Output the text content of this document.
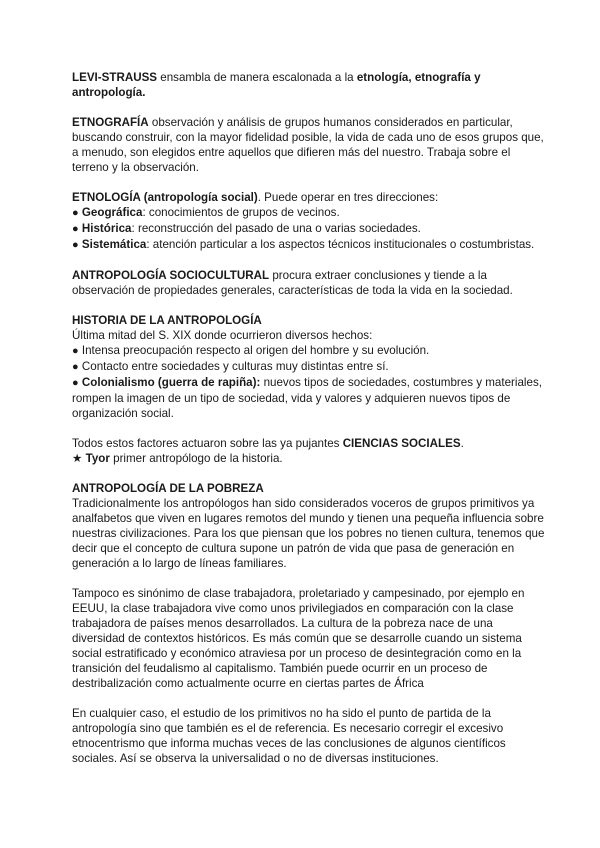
LEVI-STRAUSS ensambla de manera escalonada a la etnología, etnografía y
antropología.
ETNOGRAFÍA observación y análisis de grupos humanos considerados en particular,
buscando construir, con la mayor fidelidad posible, la vida de cada uno de esos grupos que,
a menudo, son elegidos entre aquellos que difieren más del nuestro. Trabaja sobre el
terreno y la observación.
ETNOLOGÍA (antropología social). Puede operar en tres direcciones:
● Geográfica: conocimientos de grupos de vecinos.
● Histórica: reconstrucción del pasado de una o varias sociedades.
● Sistemática: atención particular a los aspectos técnicos institucionales o costumbristas.
ANTROPOLOGÍA SOCIOCULTURAL procura extraer conclusiones y tiende a la
observación de propiedades generales, características de toda la vida en la sociedad.
HISTORIA DE LA ANTROPOLOGÍA
Última mitad del S. XIX donde ocurrieron diversos hechos:
● Intensa preocupación respecto al origen del hombre y su evolución.
● Contacto entre sociedades y culturas muy distintas entre sí.
● Colonialismo (guerra de rapiña): nuevos tipos de sociedades, costumbres y materiales,
rompen la imagen de un tipo de sociedad, vida y valores y adquieren nuevos tipos de
organización social.
Todos estos factores actuaron sobre las ya pujantes CIENCIAS SOCIALES.
★ Tyor primer antropólogo de la historia.
ANTROPOLOGÍA DE LA POBREZA
Tradicionalmente los antropólogos han sido considerados voceros de grupos primitivos ya
analfabetos que viven en lugares remotos del mundo y tienen una pequeña influencia sobre
nuestras civilizaciones. Para los que piensan que los pobres no tienen cultura, tenemos que
decir que el concepto de cultura supone un patrón de vida que pasa de generación en
generación a lo largo de líneas familiares.
Tampoco es sinónimo de clase trabajadora, proletariado y campesinado, por ejemplo en
EEUU, la clase trabajadora vive como unos privilegiados en comparación con la clase
trabajadora de países menos desarrollados. La cultura de la pobreza nace de una
diversidad de contextos históricos. Es más común que se desarrolle cuando un sistema
social estratificado y económico atraviesa por un proceso de desintegración como en la
transición del feudalismo al capitalismo. También puede ocurrir en un proceso de
destribalización como actualmente ocurre en ciertas partes de África
En cualquier caso, el estudio de los primitivos no ha sido el punto de partida de la
antropología sino que también es el de referencia. Es necesario corregir el excesivo
etnocentrismo que informa muchas veces de las conclusiones de algunos científicos
sociales. Así se observa la universalidad o no de diversas instituciones.
